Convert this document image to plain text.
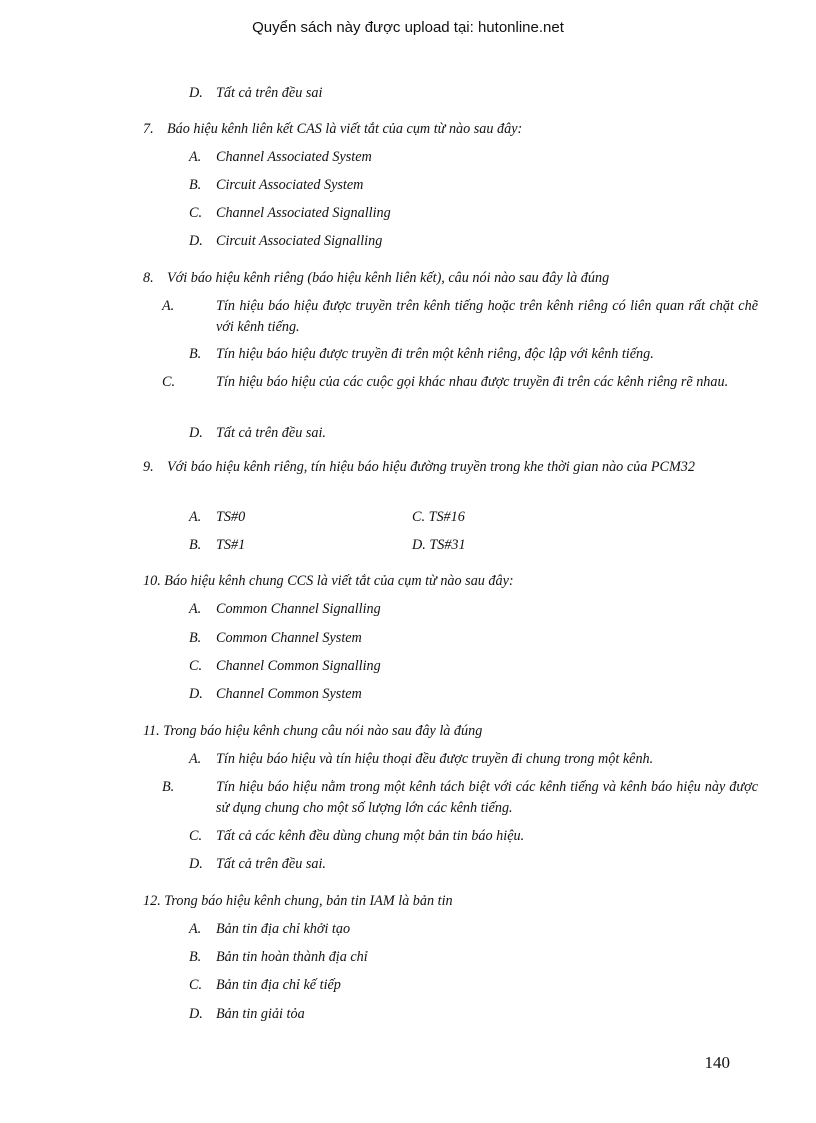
Quyển sách này được upload tại: hutonline.net
D. Tất cả trên đều sai
7. Báo hiệu kênh liên kết CAS là viết tắt của cụm từ nào sau đây:
A. Channel Associated System
B. Circuit Associated System
C. Channel Associated Signalling
D. Circuit Associated Signalling
8. Với báo hiệu kênh riêng (báo hiệu kênh liên kết), câu nói nào sau đây là đúng
A.	Tín hiệu báo hiệu được truyền trên kênh tiếng hoặc trên kênh riêng có liên quan rất chặt chẽ với kênh tiếng.
B. Tín hiệu báo hiệu được truyền đi trên một kênh riêng, độc lập với kênh tiếng.
C.	Tín hiệu báo hiệu của các cuộc gọi khác nhau được truyền đi trên các kênh riêng rẽ nhau.
D. Tất cả trên đều sai.
9. Với báo hiệu kênh riêng, tín hiệu báo hiệu đường truyền trong khe thời gian nào của PCM32
A. TS#0	C. TS#16
B. TS#1	D. TS#31
10. Báo hiệu kênh chung CCS là viết tắt của cụm từ nào sau đây:
A. Common Channel Signalling
B. Common Channel System
C. Channel Common Signalling
D. Channel Common System
11. Trong báo hiệu kênh chung câu nói nào sau đây là đúng
A. Tín hiệu báo hiệu và tín hiệu thoại đều được truyền đi chung trong một kênh.
B.	Tín hiệu báo hiệu nằm trong một kênh tách biệt với các kênh tiếng và kênh báo hiệu này được sử dụng chung cho một số lượng lớn các kênh tiếng.
C. Tất cả các kênh đều dùng chung một bản tin báo hiệu.
D. Tất cả trên đều sai.
12. Trong báo hiệu kênh chung, bản tin IAM là bản tin
A. Bản tin địa chỉ khởi tạo
B. Bản tin hoàn thành địa chỉ
C. Bản tin địa chỉ kế tiếp
D. Bản tin giải tỏa
140
